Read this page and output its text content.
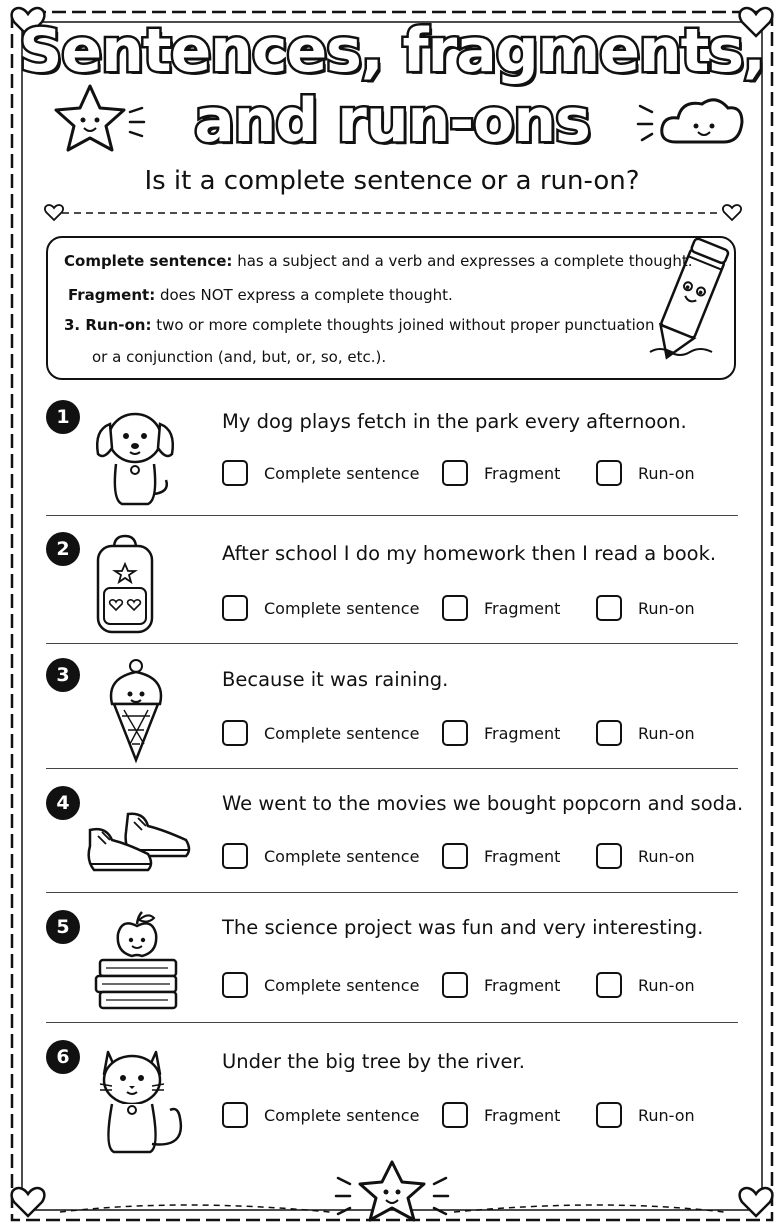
Sentences, fragments,
and run-ons
Is it a complete sentence or a run-on?
Complete sentence: has a subject and a verb and expresses a complete thought.
Fragment: does NOT express a complete thought.
3. Run-on: two or more complete thoughts joined without proper punctuation
or a conjunction (and, but, or, so, etc.).
1	My dog plays fetch in the park every afternoon.
Complete sentence	Fragment	Run-on
2	After school I do my homework then I read a book.
Complete sentence	Fragment	Run-on
3	Because it was raining.
Complete sentence	Fragment	Run-on
4	We went to the movies we bought popcorn and soda.
Complete sentence	Fragment	Run-on
5	The science project was fun and very interesting.
Complete sentence	Fragment	Run-on
6	Under the big tree by the river.
Complete sentence	Fragment	Run-on
